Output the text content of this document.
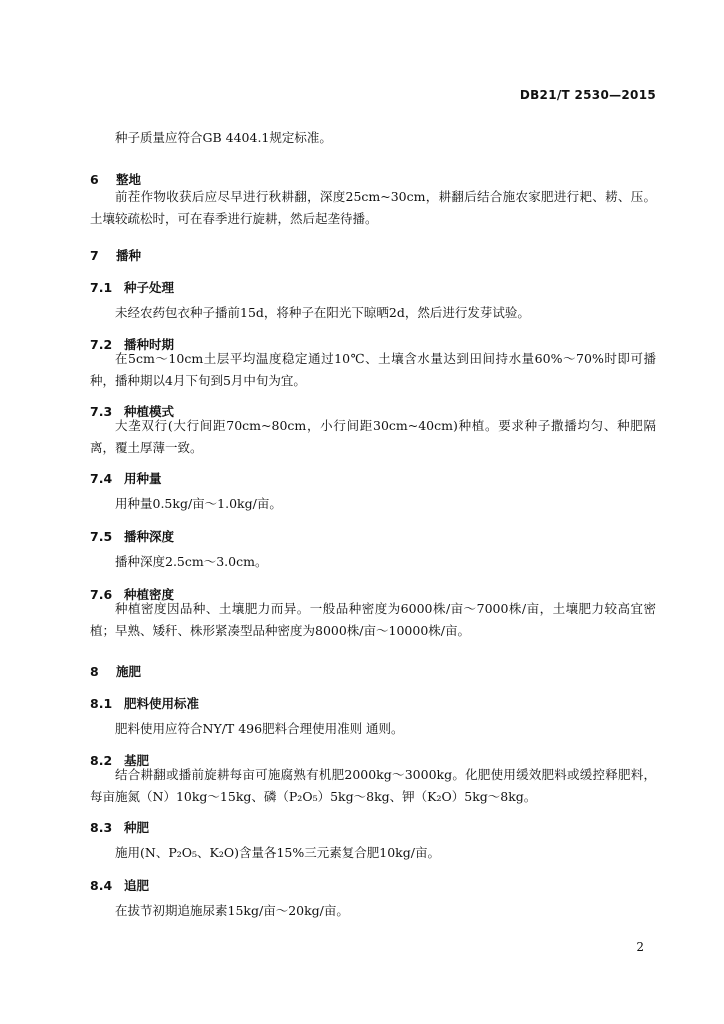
DB21/T 2530—2015

种子质量应符合GB 4404.1规定标准。

6 整地

前茬作物收获后应尽早进行秋耕翻，深度25cm~30cm，耕翻后结合施农家肥进行耙、耢、压。土壤较疏松时，可在春季进行旋耕，然后起垄待播。

7 播种
7.1 种子处理

未经农药包衣种子播前15d，将种子在阳光下晾晒2d，然后进行发芽试验。

7.2 播种时期

在5cm～10cm土层平均温度稳定通过10℃、土壤含水量达到田间持水量60%～70%时即可播种，播种期以4月下旬到5月中旬为宜。

7.3 种植模式

大垄双行(大行间距70cm~80cm，小行间距30cm~40cm)种植。要求种子撒播均匀、种肥隔离，覆土厚薄一致。

7.4 用种量

用种量0.5kg/亩～1.0kg/亩。

7.5 播种深度

播种深度2.5cm～3.0cm。

7.6 种植密度

种植密度因品种、土壤肥力而异。一般品种密度为6000株/亩～7000株/亩，土壤肥力较高宜密植；早熟、矮秆、株形紧凑型品种密度为8000株/亩～10000株/亩。

8 施肥
8.1 肥料使用标准

肥料使用应符合NY/T 496肥料合理使用准则 通则。

8.2 基肥

结合耕翻或播前旋耕每亩可施腐熟有机肥2000kg～3000kg。化肥使用缓效肥料或缓控释肥料，每亩施氮（N）10kg～15kg、磷（P₂O₅）5kg～8kg、钾（K₂O）5kg～8kg。

8.3 种肥

施用(N、P₂O₅、K₂O)含量各15%三元素复合肥10kg/亩。

8.4 追肥

在拔节初期追施尿素15kg/亩～20kg/亩。

2
